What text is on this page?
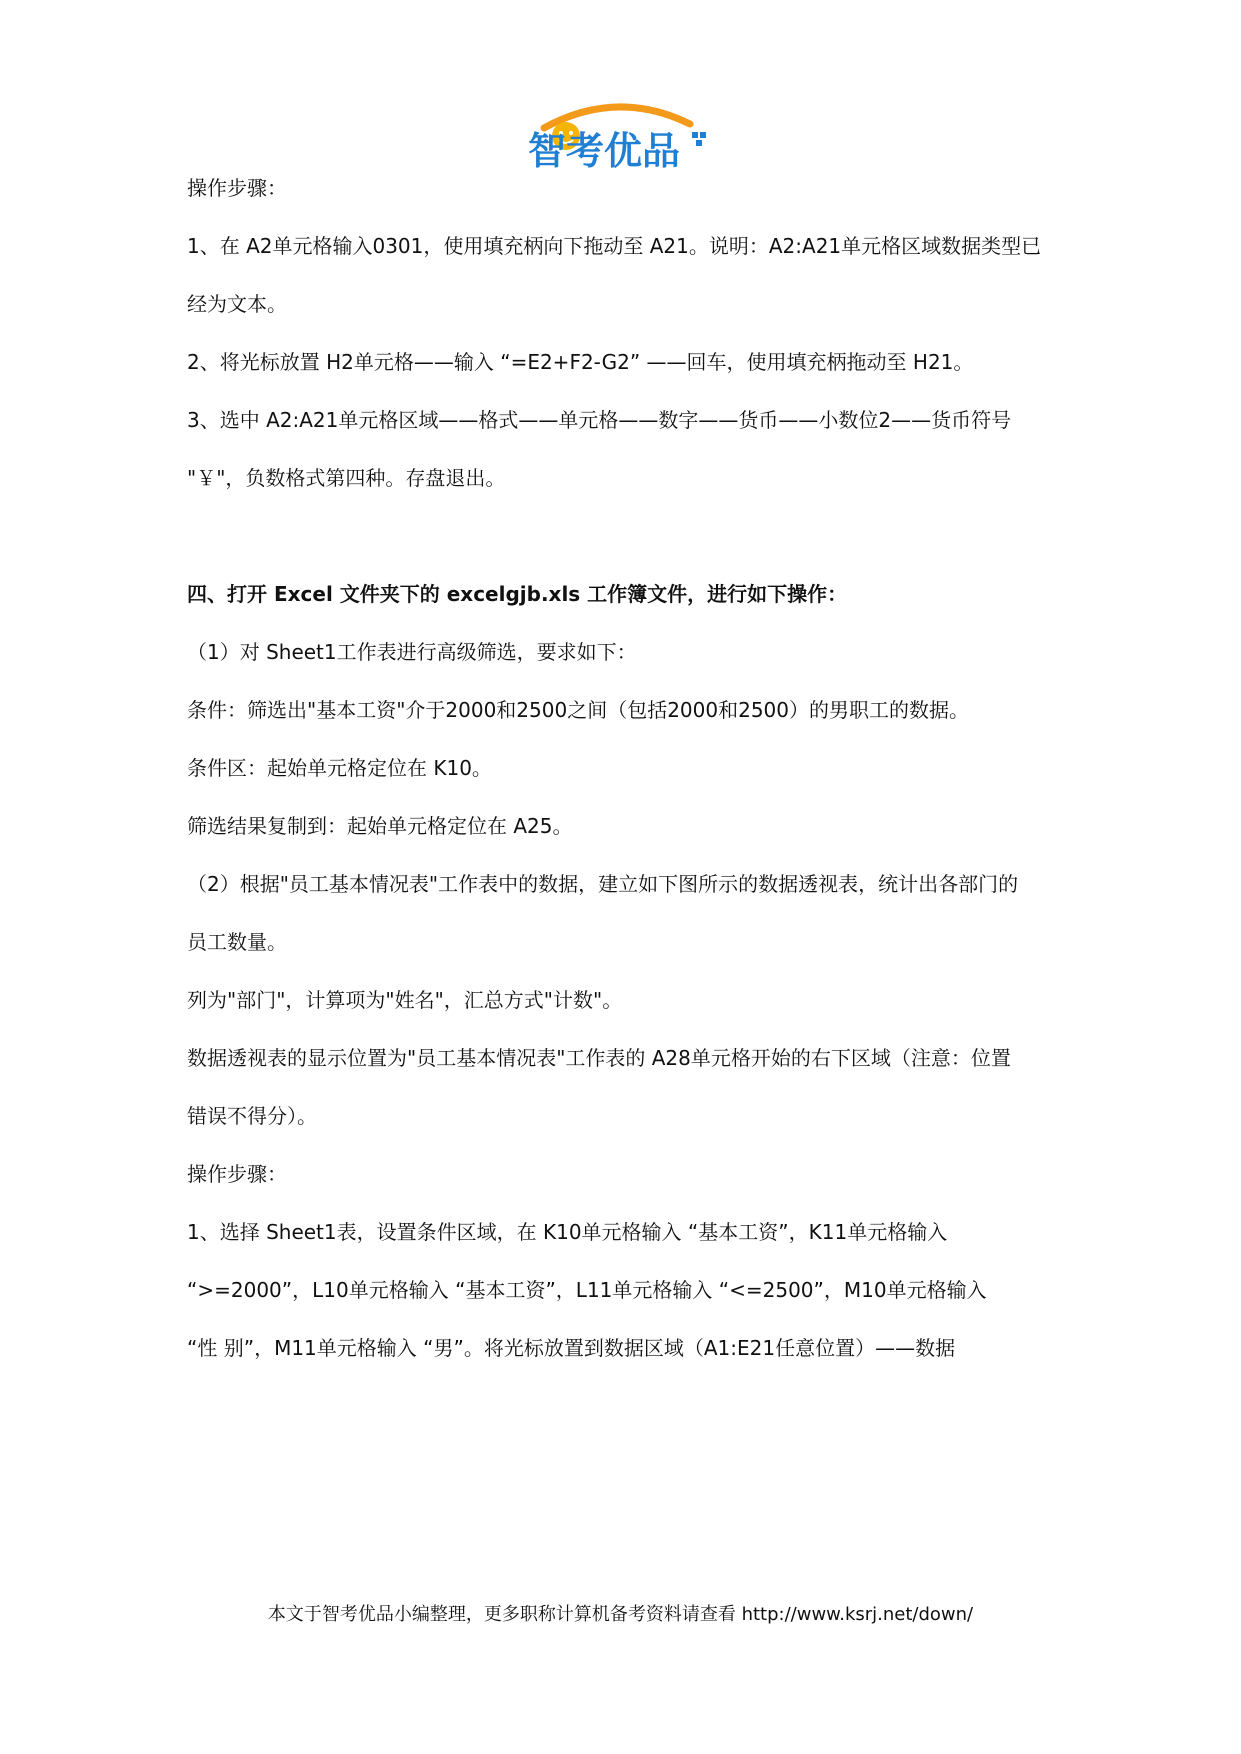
智考优品
操作步骤：
1、在 A2单元格输入0301，使用填充柄向下拖动至 A21。说明：A2:A21单元格区域数据类型已
经为文本。
2、将光标放置 H2单元格——输入 “=E2+F2-G2” ——回车，使用填充柄拖动至 H21。
3、选中 A2:A21单元格区域——格式——单元格——数字——货币——小数位2——货币符号
"￥"，负数格式第四种。存盘退出。
四、打开 Excel 文件夹下的 excelgjb.xls 工作簿文件，进行如下操作：
（1）对 Sheet1工作表进行高级筛选，要求如下：
条件：筛选出"基本工资"介于2000和2500之间（包括2000和2500）的男职工的数据。
条件区：起始单元格定位在 K10。
筛选结果复制到：起始单元格定位在 A25。
（2）根据"员工基本情况表"工作表中的数据，建立如下图所示的数据透视表，统计出各部门的
员工数量。
列为"部门"，计算项为"姓名"，汇总方式"计数"。
数据透视表的显示位置为"员工基本情况表"工作表的 A28单元格开始的右下区域（注意：位置
错误不得分）。
操作步骤：
1、选择 Sheet1表，设置条件区域，在 K10单元格输入 “基本工资”，K11单元格输入
“>=2000”，L10单元格输入 “基本工资”，L11单元格输入 “<=2500”，M10单元格输入
“性 别”，M11单元格输入 “男”。将光标放置到数据区域（A1:E21任意位置）——数据
本文于智考优品小编整理，更多职称计算机备考资料请查看 http://www.ksrj.net/down/
